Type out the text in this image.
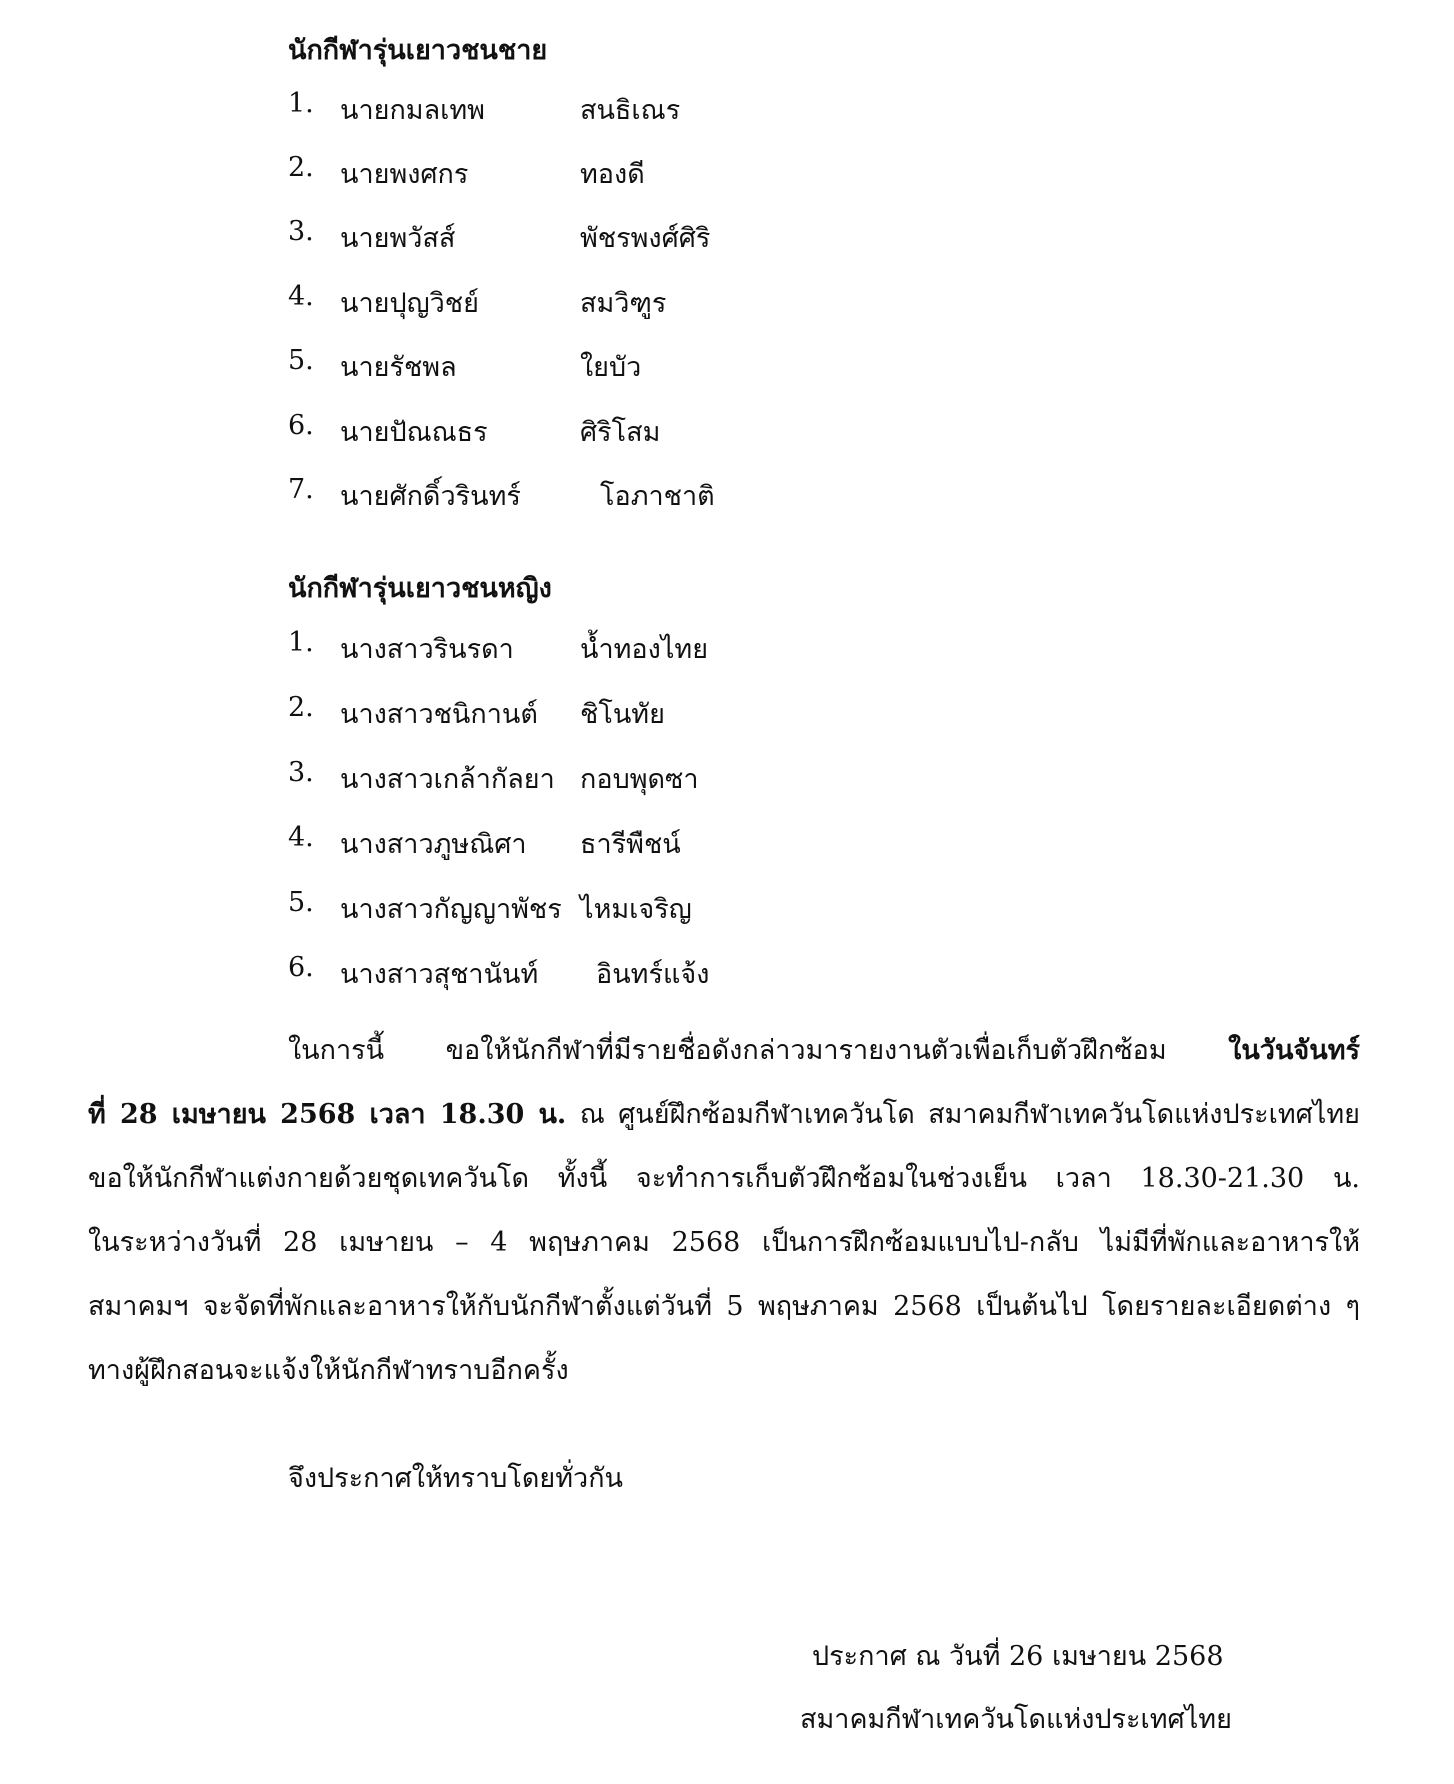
นักกีฬารุ่นเยาวชนชาย
1. นายกมลเทพ	สนธิเณร
2. นายพงศกร	ทองดี
3. นายพวัสส์	พัชรพงศ์ศิริ
4. นายปุญวิชย์	สมวิฑูร
5. นายรัชพล	ใยบัว
6. นายปัณณธร	ศิริโสม
7. นายศักดิ์วรินทร์	โอภาชาติ
นักกีฬารุ่นเยาวชนหญิง
1. นางสาวรินรดา น้ำทองไทย
2. นางสาวชนิกานต์ ชิโนทัย
3. นางสาวเกล้ากัลยา กอบพุดซา
4. นางสาวภูษณิศา ธารีพืชน์
5. นางสาวกัญญาพัชร ไหมเจริญ
6. นางสาวสุชานันท์ อินทร์แจ้ง
ในการนี้ ขอให้นักกีฬาที่มีรายชื่อดังกล่าวมารายงานตัวเพื่อเก็บตัวฝึกซ้อม ในวันจันทร์
ที่ 28 เมษายน 2568 เวลา 18.30 น. ณ ศูนย์ฝึกซ้อมกีฬาเทควันโด สมาคมกีฬาเทควันโดแห่งประเทศไทย
ขอให้นักกีฬาแต่งกายด้วยชุดเทควันโด ทั้งนี้ จะทำการเก็บตัวฝึกซ้อมในช่วงเย็น เวลา 18.30-21.30 น.
ในระหว่างวันที่ 28 เมษายน – 4 พฤษภาคม 2568 เป็นการฝึกซ้อมแบบไป-กลับ ไม่มีที่พักและอาหารให้
สมาคมฯ จะจัดที่พักและอาหารให้กับนักกีฬาตั้งแต่วันที่ 5 พฤษภาคม 2568 เป็นต้นไป โดยรายละเอียดต่าง ๆ
ทางผู้ฝึกสอนจะแจ้งให้นักกีฬาทราบอีกครั้ง
จึงประกาศให้ทราบโดยทั่วกัน
ประกาศ ณ วันที่ 26 เมษายน 2568
สมาคมกีฬาเทควันโดแห่งประเทศไทย
